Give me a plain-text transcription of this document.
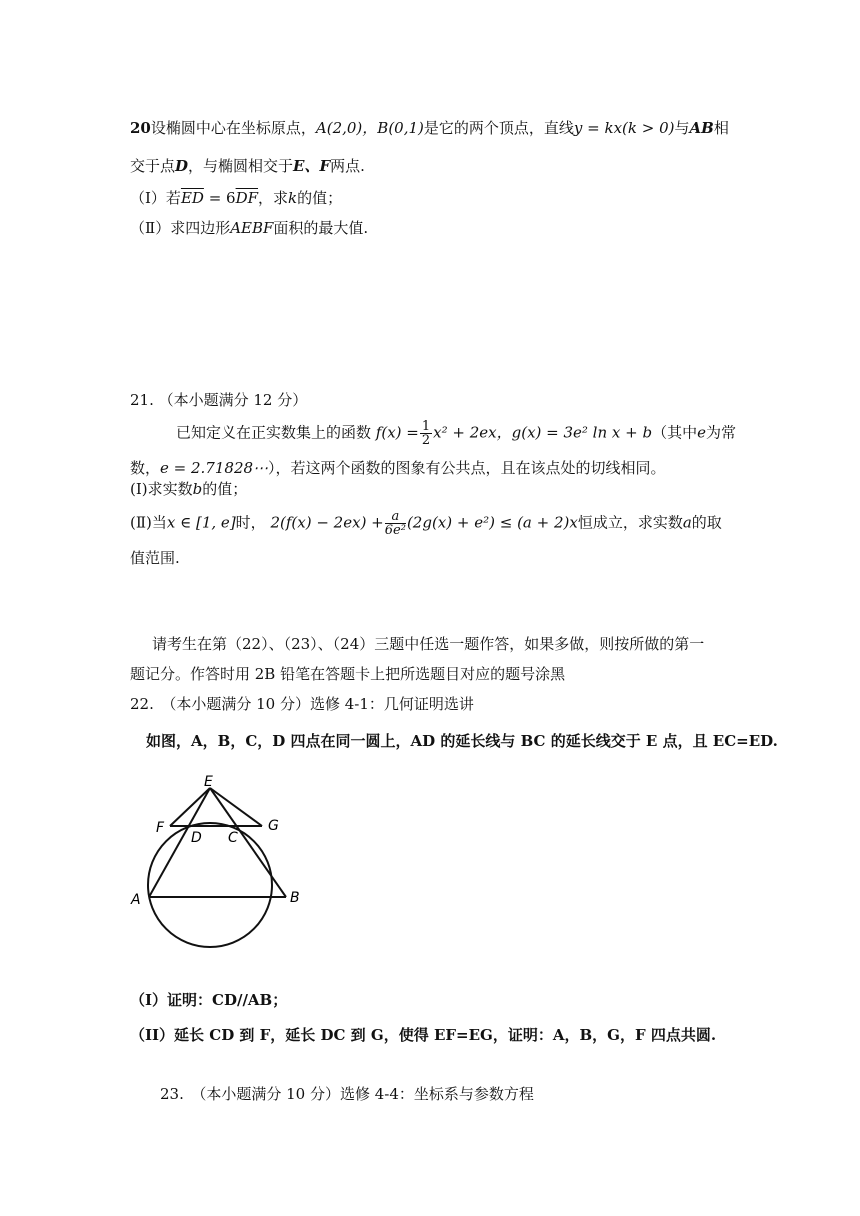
20设椭圆中心在坐标原点，A(2,0)，B(0,1)是它的两个顶点，直线y = kx(k > 0)与AB相
交于点D，与椭圆相交于E、F两点.
（Ⅰ）若$\overline{ED} = 6\overline{DF}$，求k的值；
（Ⅱ）求四边形AEBF面积的最大值.
21. （本小题满分 12 分）
已知定义在正实数集上的函数 $f(x) = \frac{1}{2} x^2 + 2ex$，g(x) = 3e² ln x + b（其中e为常
数，e = 2.71828⋯），若这两个函数的图象有公共点，且在该点处的切线相同。
(Ⅰ)求实数b的值；
(Ⅱ)当x ∈ [1, e]时， $2(f(x) - 2ex) + \frac{a}{\text{6e²}} (2g(x) + e^2) \le (a + 2)x$恒成立，求实数a的取
值范围.
请考生在第（22）、（23）、（24）三题中任选一题作答，如果多做，则按所做的第一
题记分。作答时用 2B 铅笔在答题卡上把所选题目对应的题号涂黑
22.　（本小题满分 10 分）选修 4-1：几何证明选讲
如图，A，B，C，D 四点在同一圆上，AD 的延长线与 BC 的延长线交于 E 点，且 EC=ED.
E
F
D C
G
A	B
（I）证明：CD//AB；
（II）延长 CD 到 F，延长 DC 到 G，使得 EF=EG，证明：A，B，G，F 四点共圆.
23.　（本小题满分 10 分）选修 4-4：坐标系与参数方程
